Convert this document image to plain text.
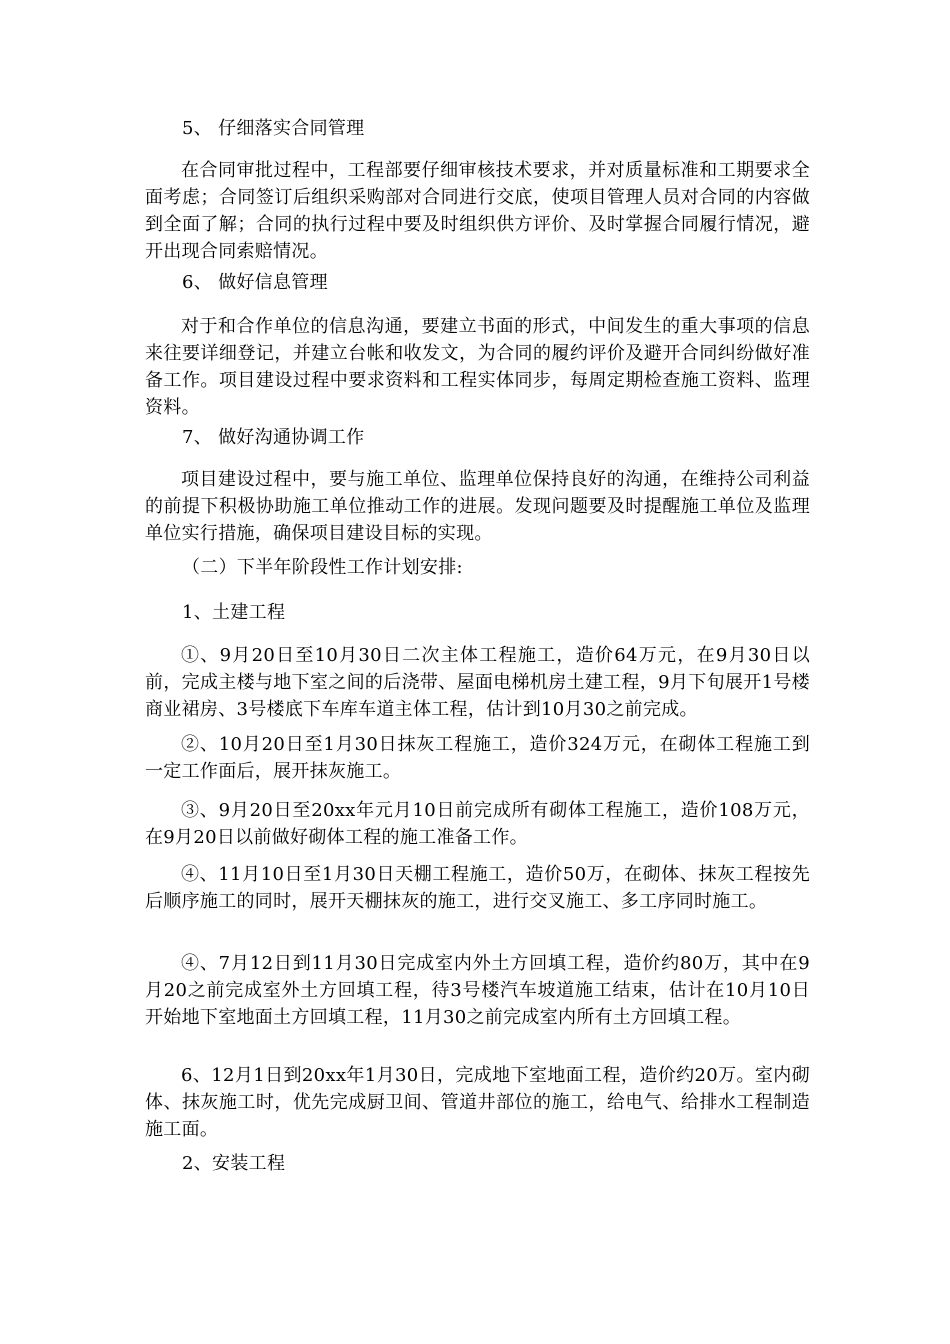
5、 仔细落实合同管理

在合同审批过程中，工程部要仔细审核技术要求，并对质量标准和工期要求全面考虑；合同签订后组织采购部对合同进行交底，使项目管理人员对合同的内容做到全面了解；合同的执行过程中要及时组织供方评价、及时掌握合同履行情况，避开出现合同索赔情况。

6、 做好信息管理

对于和合作单位的信息沟通，要建立书面的形式，中间发生的重大事项的信息来往要详细登记，并建立台帐和收发文，为合同的履约评价及避开合同纠纷做好准备工作。项目建设过程中要求资料和工程实体同步，每周定期检查施工资料、监理资料。

7、 做好沟通协调工作

项目建设过程中，要与施工单位、监理单位保持良好的沟通，在维持公司利益的前提下积极协助施工单位推动工作的进展。发现问题要及时提醒施工单位及监理单位实行措施，确保项目建设目标的实现。

（二）下半年阶段性工作计划安排:

1、土建工程

①、9月20日至10月30日二次主体工程施工，造价64万元，在9月30日以前，完成主楼与地下室之间的后浇带、屋面电梯机房土建工程，9月下旬展开1号楼商业裙房、3号楼底下车库车道主体工程，估计到10月30之前完成。

②、10月20日至1月30日抹灰工程施工，造价324万元，在砌体工程施工到一定工作面后，展开抹灰施工。

③、9月20日至20xx年元月10日前完成所有砌体工程施工，造价108万元，在9月20日以前做好砌体工程的施工准备工作。

④、11月10日至1月30日天棚工程施工，造价50万，在砌体、抹灰工程按先后顺序施工的同时，展开天棚抹灰的施工，进行交叉施工、多工序同时施工。

④、7月12日到11月30日完成室内外土方回填工程，造价约80万，其中在9月20之前完成室外土方回填工程，待3号楼汽车坡道施工结束，估计在10月10日开始地下室地面土方回填工程，11月30之前完成室内所有土方回填工程。

6、12月1日到20xx年1月30日，完成地下室地面工程，造价约20万。室内砌体、抹灰施工时，优先完成厨卫间、管道井部位的施工，给电气、给排水工程制造施工面。

2、安装工程
